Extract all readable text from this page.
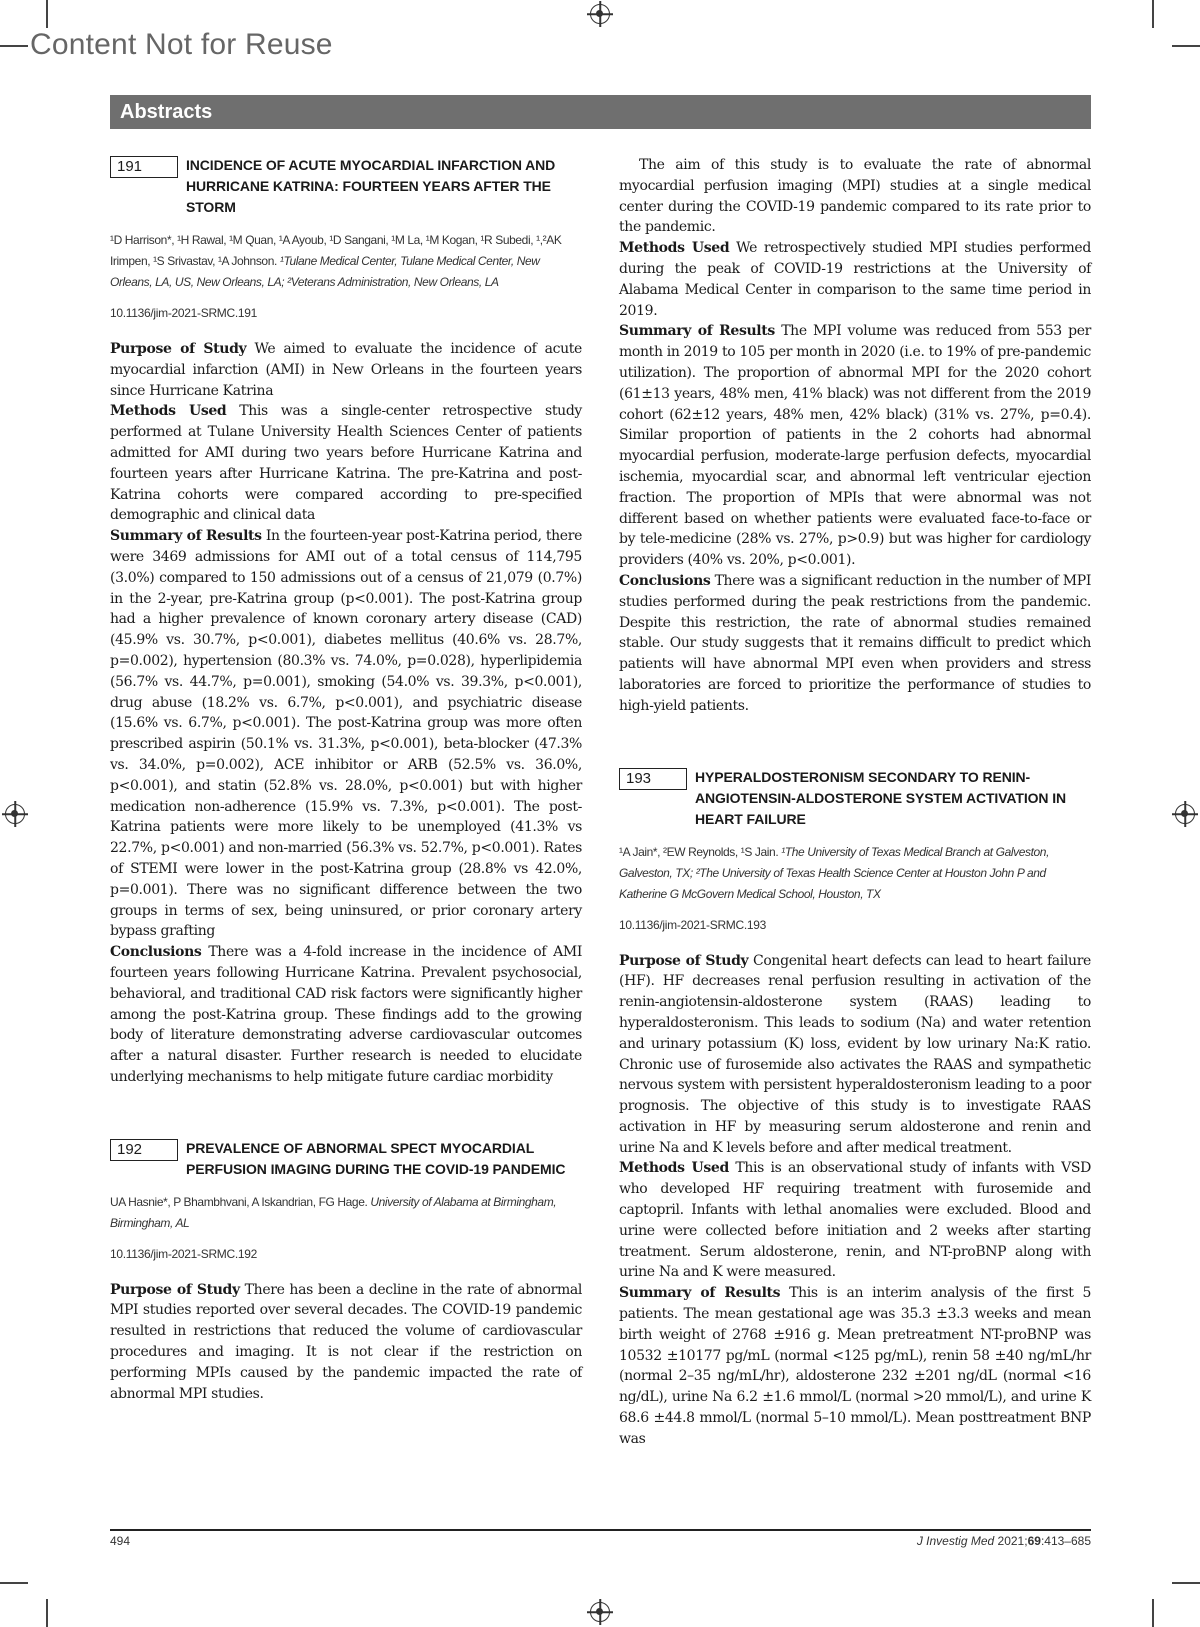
Content Not for Reuse
Abstracts
191	INCIDENCE OF ACUTE MYOCARDIAL INFARCTION AND HURRICANE KATRINA: FOURTEEN YEARS AFTER THE STORM

¹D Harrison*, ¹H Rawal, ¹M Quan, ¹A Ayoub, ¹D Sangani, ¹M La, ¹M Kogan, ¹R Subedi, ¹,²AK Irimpen, ¹S Srivastav, ¹A Johnson. ¹Tulane Medical Center, Tulane Medical Center, New Orleans, LA, US, New Orleans, LA; ²Veterans Administration, New Orleans, LA

10.1136/jim-2021-SRMC.191

Purpose of Study We aimed to evaluate the incidence of acute myocardial infarction (AMI) in New Orleans in the fourteen years since Hurricane Katrina

Methods Used This was a single-center retrospective study performed at Tulane University Health Sciences Center of patients admitted for AMI during two years before Hurricane Katrina and fourteen years after Hurricane Katrina. The pre-Katrina and post-Katrina cohorts were compared according to pre-specified demographic and clinical data

Summary of Results In the fourteen-year post-Katrina period, there were 3469 admissions for AMI out of a total census of 114,795 (3.0%) compared to 150 admissions out of a census of 21,079 (0.7%) in the 2-year, pre-Katrina group (p<0.001). The post-Katrina group had a higher prevalence of known coronary artery disease (CAD) (45.9% vs. 30.7%, p<0.001), diabetes mellitus (40.6% vs. 28.7%, p=0.002), hypertension (80.3% vs. 74.0%, p=0.028), hyperlipidemia (56.7% vs. 44.7%, p=0.001), smoking (54.0% vs. 39.3%, p<0.001), drug abuse (18.2% vs. 6.7%, p<0.001), and psychiatric disease (15.6% vs. 6.7%, p<0.001). The post-Katrina group was more often prescribed aspirin (50.1% vs. 31.3%, p<0.001), beta-blocker (47.3% vs. 34.0%, p=0.002), ACE inhibitor or ARB (52.5% vs. 36.0%, p<0.001), and statin (52.8% vs. 28.0%, p<0.001) but with higher medication non-adherence (15.9% vs. 7.3%, p<0.001). The post-Katrina patients were more likely to be unemployed (41.3% vs 22.7%, p<0.001) and non-married (56.3% vs. 52.7%, p<0.001). Rates of STEMI were lower in the post-Katrina group (28.8% vs 42.0%, p=0.001). There was no significant difference between the two groups in terms of sex, being uninsured, or prior coronary artery bypass grafting

Conclusions There was a 4-fold increase in the incidence of AMI fourteen years following Hurricane Katrina. Prevalent psychosocial, behavioral, and traditional CAD risk factors were significantly higher among the post-Katrina group. These findings add to the growing body of literature demonstrating adverse cardiovascular outcomes after a natural disaster. Further research is needed to elucidate underlying mechanisms to help mitigate future cardiac morbidity

192	PREVALENCE OF ABNORMAL SPECT MYOCARDIAL PERFUSION IMAGING DURING THE COVID-19 PANDEMIC

UA Hasnie*, P Bhambhvani, A Iskandrian, FG Hage. University of Alabama at Birmingham, Birmingham, AL

10.1136/jim-2021-SRMC.192

Purpose of Study There has been a decline in the rate of abnormal MPI studies reported over several decades. The COVID-19 pandemic resulted in restrictions that reduced the volume of cardiovascular procedures and imaging. It is not clear if the restriction on performing MPIs caused by the pandemic impacted the rate of abnormal MPI studies.

The aim of this study is to evaluate the rate of abnormal myocardial perfusion imaging (MPI) studies at a single medical center during the COVID-19 pandemic compared to its rate prior to the pandemic.

Methods Used We retrospectively studied MPI studies performed during the peak of COVID-19 restrictions at the University of Alabama Medical Center in comparison to the same time period in 2019.

Summary of Results The MPI volume was reduced from 553 per month in 2019 to 105 per month in 2020 (i.e. to 19% of pre-pandemic utilization). The proportion of abnormal MPI for the 2020 cohort (61±13 years, 48% men, 41% black) was not different from the 2019 cohort (62±12 years, 48% men, 42% black) (31% vs. 27%, p=0.4). Similar proportion of patients in the 2 cohorts had abnormal myocardial perfusion, moderate-large perfusion defects, myocardial ischemia, myocardial scar, and abnormal left ventricular ejection fraction. The proportion of MPIs that were abnormal was not different based on whether patients were evaluated face-to-face or by tele-medicine (28% vs. 27%, p>0.9) but was higher for cardiology providers (40% vs. 20%, p<0.001).

Conclusions There was a significant reduction in the number of MPI studies performed during the peak restrictions from the pandemic. Despite this restriction, the rate of abnormal studies remained stable. Our study suggests that it remains difficult to predict which patients will have abnormal MPI even when providers and stress laboratories are forced to prioritize the performance of studies to high-yield patients.

193	HYPERALDOSTERONISM SECONDARY TO RENIN-ANGIOTENSIN-ALDOSTERONE SYSTEM ACTIVATION IN HEART FAILURE

¹A Jain*, ²EW Reynolds, ¹S Jain. ¹The University of Texas Medical Branch at Galveston, Galveston, TX; ²The University of Texas Health Science Center at Houston John P and Katherine G McGovern Medical School, Houston, TX

10.1136/jim-2021-SRMC.193

Purpose of Study Congenital heart defects can lead to heart failure (HF). HF decreases renal perfusion resulting in activation of the renin-angiotensin-aldosterone system (RAAS) leading to hyperaldosteronism. This leads to sodium (Na) and water retention and urinary potassium (K) loss, evident by low urinary Na:K ratio. Chronic use of furosemide also activates the RAAS and sympathetic nervous system with persistent hyperaldosteronism leading to a poor prognosis. The objective of this study is to investigate RAAS activation in HF by measuring serum aldosterone and renin and urine Na and K levels before and after medical treatment.

Methods Used This is an observational study of infants with VSD who developed HF requiring treatment with furosemide and captopril. Infants with lethal anomalies were excluded. Blood and urine were collected before initiation and 2 weeks after starting treatment. Serum aldosterone, renin, and NT-proBNP along with urine Na and K were measured.

Summary of Results This is an interim analysis of the first 5 patients. The mean gestational age was 35.3 ±3.3 weeks and mean birth weight of 2768 ±916 g. Mean pretreatment NT-proBNP was 10532 ±10177 pg/mL (normal <125 pg/mL), renin 58 ±40 ng/mL/hr (normal 2–35 ng/mL/hr), aldosterone 232 ±201 ng/dL (normal <16 ng/dL), urine Na 6.2 ±1.6 mmol/L (normal >20 mmol/L), and urine K 68.6 ±44.8 mmol/L (normal 5–10 mmol/L). Mean posttreatment BNP was

494	J Investig Med 2021;69:413–685
